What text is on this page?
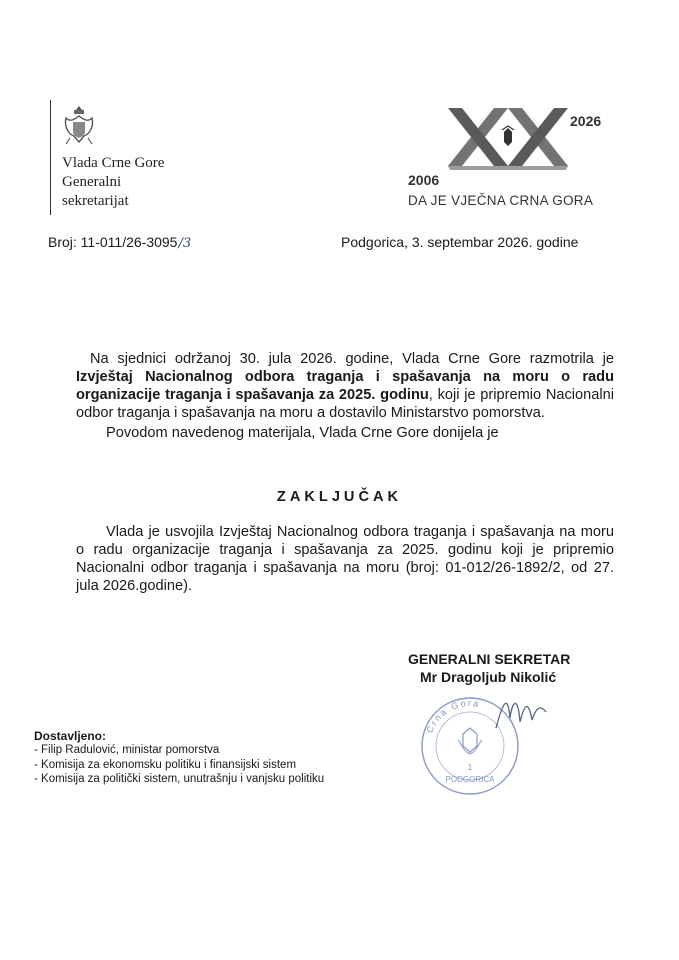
Vlada Crne Gore
Generalni
sekretarijat
2026
2006
DA JE VJEČNA CRNA GORA
Broj: 11-011/26-3095/3	Podgorica, 3. septembar 2026. godine
Na sjednici održanoj 30. jula 2026. godine, Vlada Crne Gore razmotrila je Izvještaj Nacionalnog odbora traganja i spašavanja na moru o radu organizacije traganja i spašavanja za 2025. godinu, koji je pripremio Nacionalni odbor traganja i spašavanja na moru a dostavilo Ministarstvo pomorstva.
Povodom navedenog materijala, Vlada Crne Gore donijela je
ZAKLJUČAK
Vlada je usvojila Izvještaj Nacionalnog odbora traganja i spašavanja na moru o radu organizacije traganja i spašavanja za 2025. godinu koji je pripremio Nacionalni odbor traganja i spašavanja na moru (broj: 01-012/26-1892/2, od 27. jula 2026.godine).
GENERALNI SEKRETAR
Mr Dragoljub Nikolić
Crna Gora
1
PODGORICA
Dostavljeno:
- Filip Radulović, ministar pomorstva
- Komisija za ekonomsku politiku i finansijski sistem
- Komisija za politički sistem, unutrašnju i vanjsku politiku
